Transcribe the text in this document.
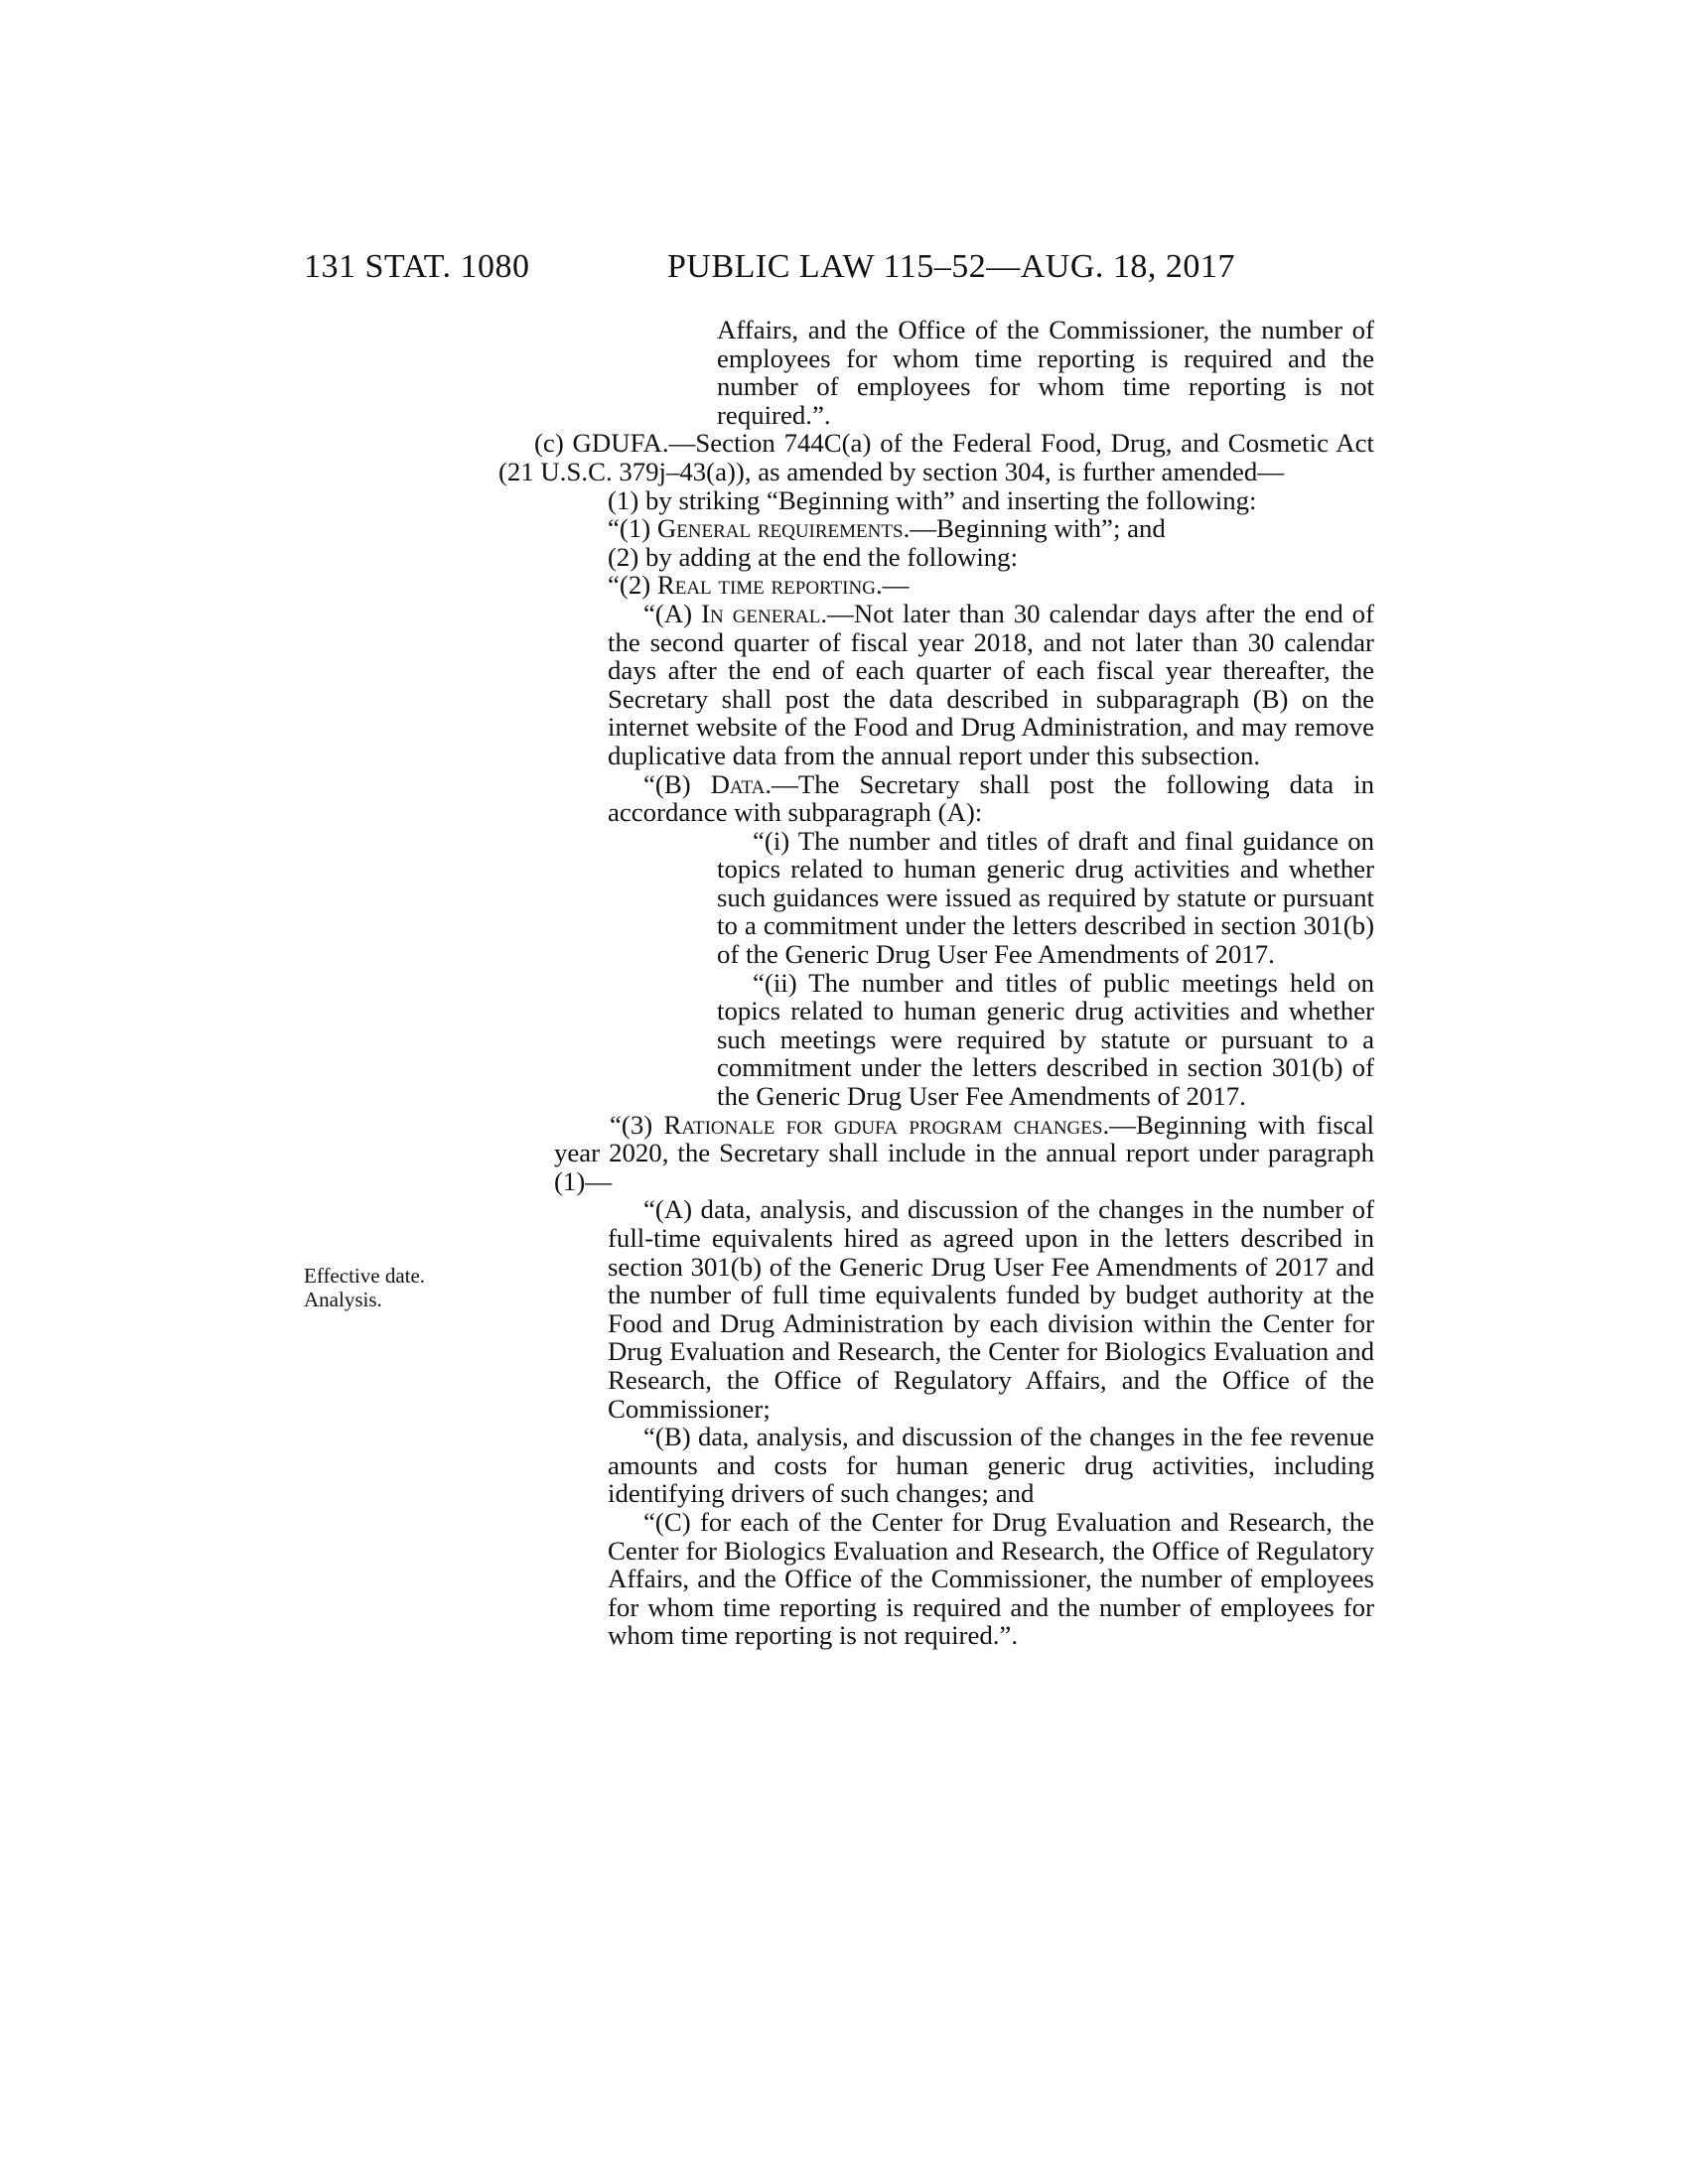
131 STAT. 1080	PUBLIC LAW 115–52—AUG. 18, 2017
Effective date.
Analysis.

Affairs, and the Office of the Commissioner, the number of employees for whom time reporting is required and the number of employees for whom time reporting is not required.”.

(c) GDUFA.—Section 744C(a) of the Federal Food, Drug, and Cosmetic Act (21 U.S.C. 379j–43(a)), as amended by section 304, is further amended—

(1) by striking “Beginning with” and inserting the following:

“(1) General requirements.—Beginning with”; and

(2) by adding at the end the following:

“(2) Real time reporting.—

“(A) In general.—Not later than 30 calendar days after the end of the second quarter of fiscal year 2018, and not later than 30 calendar days after the end of each quarter of each fiscal year thereafter, the Secretary shall post the data described in subparagraph (B) on the internet website of the Food and Drug Administration, and may remove duplicative data from the annual report under this subsection.

“(B) Data.—The Secretary shall post the following data in accordance with subparagraph (A):

“(i) The number and titles of draft and final guidance on topics related to human generic drug activities and whether such guidances were issued as required by statute or pursuant to a commitment under the letters described in section 301(b) of the Generic Drug User Fee Amendments of 2017.

“(ii) The number and titles of public meetings held on topics related to human generic drug activities and whether such meetings were required by statute or pursuant to a commitment under the letters described in section 301(b) of the Generic Drug User Fee Amendments of 2017.

“(3) Rationale for gdufa program changes.—Beginning with fiscal year 2020, the Secretary shall include in the annual report under paragraph (1)—

“(A) data, analysis, and discussion of the changes in the number of full-time equivalents hired as agreed upon in the letters described in section 301(b) of the Generic Drug User Fee Amendments of 2017 and the number of full time equivalents funded by budget authority at the Food and Drug Administration by each division within the Center for Drug Evaluation and Research, the Center for Biologics Evaluation and Research, the Office of Regulatory Affairs, and the Office of the Commissioner;

“(B) data, analysis, and discussion of the changes in the fee revenue amounts and costs for human generic drug activities, including identifying drivers of such changes; and

“(C) for each of the Center for Drug Evaluation and Research, the Center for Biologics Evaluation and Research, the Office of Regulatory Affairs, and the Office of the Commissioner, the number of employees for whom time reporting is required and the number of employees for whom time reporting is not required.”.
